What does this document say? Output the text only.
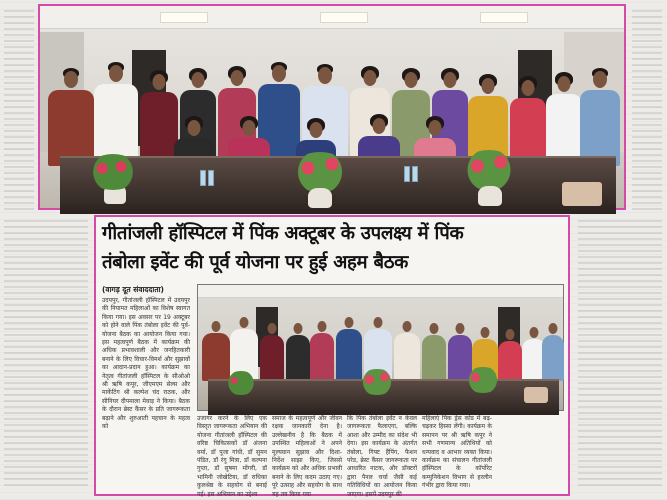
गीतांजली हॉस्पिटल में पिंक अक्टूबर के उपलक्ष्य में पिंक
तंबोला इवेंट की पूर्व योजना पर हुई अहम बैठक
(वागड़ दूत संवाददाता)
उदयपुर, गीतांजली हॉस्पिटल में उदयपुर की नियामत महिलाओं का विशेष स्वागत किया गया। इस अवसर पर 19 अक्टूबर को होने वाले पिंक तंबोला इवेंट की पूर्व-योजना बैठक का आयोजन किया गया। इस महत्वपूर्ण बैठक में कार्यक्रम की अधिक प्रभावशाली और जनहितकारी बनाने के लिए विचार-विमर्श और सुझावों का आदान-प्रदान हुआ। कार्यक्रम का नेतृत्व गीतांजली हॉस्पिटल के सीओओ श्री ऋषि कपूर, जीएमएम सेल्स और मार्केटिंग श्री कल्पेश चंद राठक, और सीनियर दीपमाला मेवाड़ ने किया। बैठक के दौरान ब्रेस्ट कैंसर के प्रति जागरूकता बढ़ाने और शुरुआती पहचान के महत्व को
उजागर करने के लिए एक विस्तृत जागरूकता अभियान की योजना गीतांजली हॉस्पिटल की वरिष्ठ चिकित्सकों डॉ अंजना वर्मा, डॉ पूजा गांधी, डॉ सुमन पंडित, डॉ रंगु मित्रा, डॉ कल्पना गुप्ता, डॉ सुषमा मोंगरी, डॉ भामिनी जोखेटिया, डॉ राधिका कुलश्रेष्ठ के सहयोग से बनाई गई। इस अभियान का उद्देश्य
समाज के महत्वपूर्ण और जीवन रक्षक जानकारी देना है। उल्लेखनीय है कि बैठक में उपस्थित महिलाओं ने अपने मूल्यवान सुझाव और दिशा-निर्देश साझा किए, जिससे कार्यक्रम को और अधिक प्रभावी बनाने के लिए कदम उठाए गए। पूरे उत्साह और सहयोग के साथ यह तय किया गया
कि पिंक तंबोला इवेंट न केवल जागरूकता फैलाएगा, बल्कि आशा और उम्मीद का संदेश भी देगा। इस कार्यक्रम के अंतर्गत तंबोला, गिफ्ट हैंपिंग, फैशन परेड, ब्रेस्ट कैंसर जागरूकता पर आधारित नाटक, और डॉक्टरों द्वारा पैनल चर्चा जैसी कई गतिविधियों का आयोजन किया जाएगा। इसमें उदयपुर की
महिलाएं पिंक ड्रेस कोड में बढ़-चढ़कर हिस्सा लेंगी। कार्यक्रम के समापन पर श्री ऋषि कपूर ने सभी गणमान्य अतिथियों को धन्यवाद व आभार व्यक्त किया। कार्यक्रम का संचालन गीतांजली हॉस्पिटल के कॉर्पोरेट कम्युनिकेशन विभाग से हरलीन गंभीर द्वारा किया गया।
